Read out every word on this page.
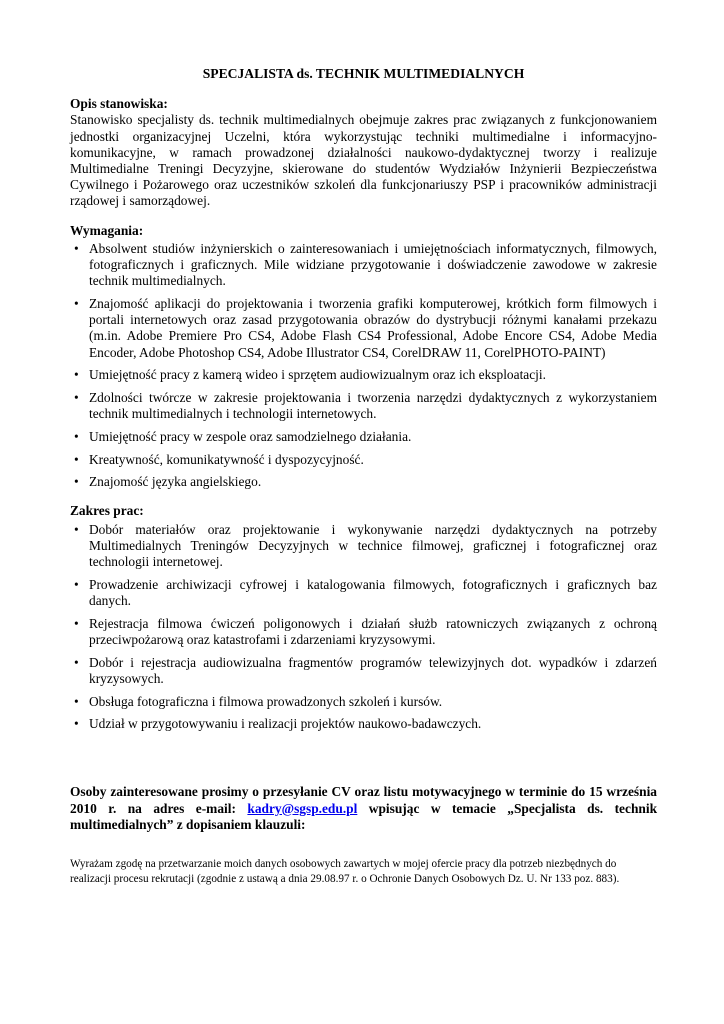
SPECJALISTA ds. TECHNIK MULTIMEDIALNYCH
Opis stanowiska:
Stanowisko specjalisty ds. technik multimedialnych obejmuje zakres prac związanych z funkcjonowaniem jednostki organizacyjnej Uczelni, która wykorzystując techniki multimedialne i informacyjno-komunikacyjne, w ramach prowadzonej działalności naukowo-dydaktycznej tworzy i realizuje Multimedialne Treningi Decyzyjne, skierowane do studentów Wydziałów Inżynierii Bezpieczeństwa Cywilnego i Pożarowego oraz uczestników szkoleń dla funkcjonariuszy PSP i pracowników administracji rządowej i samorządowej.
Wymagania:
• Absolwent studiów inżynierskich o zainteresowaniach i umiejętnościach informatycznych, filmowych, fotograficznych i graficznych. Mile widziane przygotowanie i doświadczenie zawodowe w zakresie technik multimedialnych.
• Znajomość aplikacji do projektowania i tworzenia grafiki komputerowej, krótkich form filmowych i portali internetowych oraz zasad przygotowania obrazów do dystrybucji różnymi kanałami przekazu (m.in. Adobe Premiere Pro CS4, Adobe Flash CS4 Professional, Adobe Encore CS4, Adobe Media Encoder, Adobe Photoshop CS4, Adobe Illustrator CS4, CorelDRAW 11, CorelPHOTO-PAINT)
• Umiejętność pracy z kamerą wideo i sprzętem audiowizualnym oraz ich eksploatacji.
• Zdolności twórcze w zakresie projektowania i tworzenia narzędzi dydaktycznych z wykorzystaniem technik multimedialnych i technologii internetowych.
• Umiejętność pracy w zespole oraz samodzielnego działania.
• Kreatywność, komunikatywność i dyspozycyjność.
• Znajomość języka angielskiego.
Zakres prac:
• Dobór materiałów oraz projektowanie i wykonywanie narzędzi dydaktycznych na potrzeby Multimedialnych Treningów Decyzyjnych w technice filmowej, graficznej i fotograficznej oraz technologii internetowej.
• Prowadzenie archiwizacji cyfrowej i katalogowania filmowych, fotograficznych i graficznych baz danych.
• Rejestracja filmowa ćwiczeń poligonowych i działań służb ratowniczych związanych z ochroną przeciwpożarową oraz katastrofami i zdarzeniami kryzysowymi.
• Dobór i rejestracja audiowizualna fragmentów programów telewizyjnych dot. wypadków i zdarzeń kryzysowych.
• Obsługa fotograficzna i filmowa prowadzonych szkoleń i kursów.
• Udział w przygotowywaniu i realizacji projektów naukowo-badawczych.
Osoby zainteresowane prosimy o przesyłanie CV oraz listu motywacyjnego w terminie do 15 września 2010 r. na adres e-mail: kadry@sgsp.edu.pl wpisując w temacie „Specjalista ds. technik multimedialnych” z dopisaniem klauzuli:
Wyrażam zgodę na przetwarzanie moich danych osobowych zawartych w mojej ofercie pracy dla potrzeb niezbędnych do realizacji procesu rekrutacji (zgodnie z ustawą a dnia 29.08.97 r. o Ochronie Danych Osobowych Dz. U. Nr 133 poz. 883).
